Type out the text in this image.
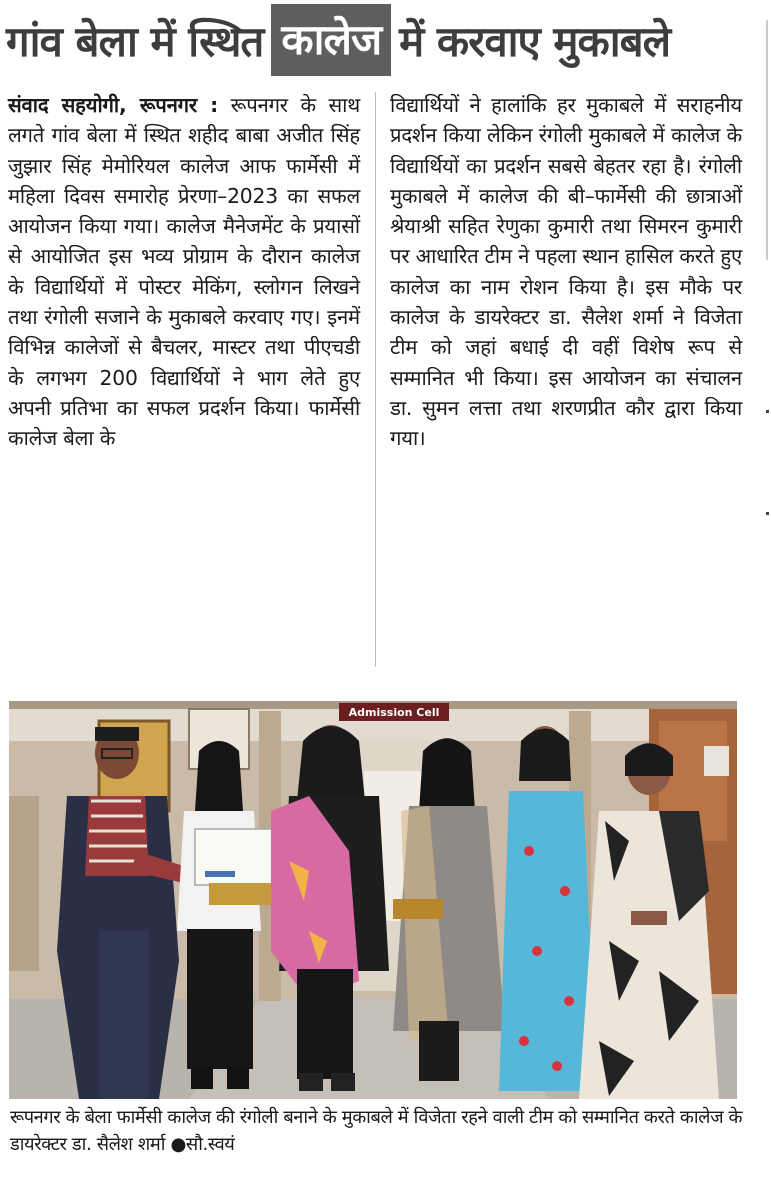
गांव बेला में स्थित कालेज में करवाए मुकाबले
संवाद सहयोगी, रूपनगर : रूपनगर के साथ लगते गांव बेला में स्थित शहीद बाबा अजीत सिंह जुझार सिंह मेमोरियल कालेज आफ फार्मेसी में महिला दिवस समारोह प्रेरणा–2023 का सफल आयोजन किया गया। कालेज मैनेजमेंट के प्रयासों से आयोजित इस भव्य प्रोग्राम के दौरान कालेज के विद्यार्थियों में पोस्टर मेकिंग, स्लोगन लिखने तथा रंगोली सजाने के मुकाबले करवाए गए। इनमें विभिन्न कालेजों से बैचलर, मास्टर तथा पीएचडी के लगभग 200 विद्यार्थियों ने भाग लेते हुए अपनी प्रतिभा का सफल प्रदर्शन किया। फार्मेसी कालेज बेला के
विद्यार्थियों ने हालांकि हर मुकाबले में सराहनीय प्रदर्शन किया लेकिन रंगोली मुकाबले में कालेज के विद्यार्थियों का प्रदर्शन सबसे बेहतर रहा है। रंगोली मुकाबले में कालेज की बी–फार्मेसी की छात्राओं श्रेयाश्री सहित रेणुका कुमारी तथा सिमरन कुमारी पर आधारित टीम ने पहला स्थान हासिल करते हुए कालेज का नाम रोशन किया है। इस मौके पर कालेज के डायरेक्टर डा. सैलेश शर्मा ने विजेता टीम को जहां बधाई दी वहीं विशेष रूप से सम्मानित भी किया। इस आयोजन का संचालन डा. सुमन लत्ता तथा शरणप्रीत कौर द्वारा किया गया।
Admission Cell
रूपनगर के बेला फार्मेसी कालेज की रंगोली बनाने के मुकाबले में विजेता रहने वाली टीम को सम्मानित करते कालेज के डायरेक्टर डा. सैलेश शर्मा ●सौ.स्वयं
